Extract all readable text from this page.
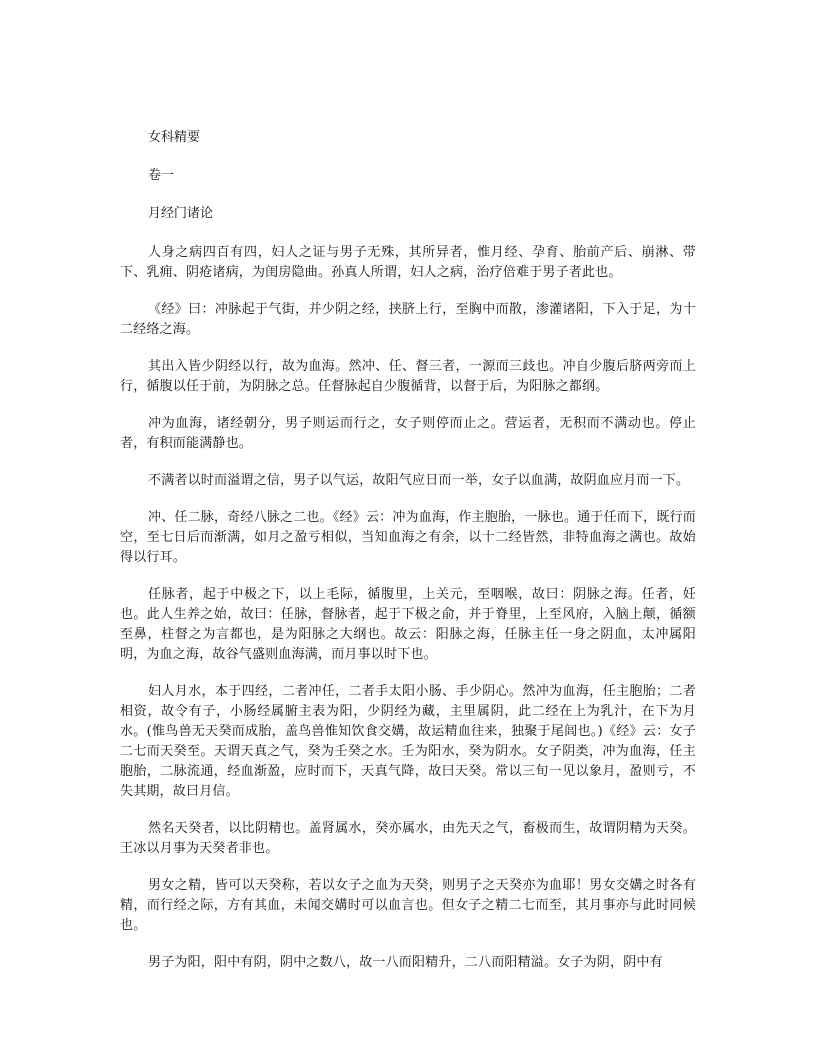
女科精要
卷一
月经门诸论

人身之病四百有四，妇人之证与男子无殊，其所异者，惟月经、孕育、胎前产后、崩淋、带下、乳痈、阴疮诸病，为闺房隐曲。孙真人所谓，妇人之病，治疗倍难于男子者此也。

《经》曰：冲脉起于气街，并少阴之经，挟脐上行，至胸中而散，渗灌诸阳，下入于足，为十二经络之海。

其出入皆少阴经以行，故为血海。然冲、任、督三者，一源而三歧也。冲自少腹后脐两旁而上行，循腹以任于前，为阴脉之总。任督脉起自少腹循背，以督于后，为阳脉之都纲。

冲为血海，诸经朝分，男子则运而行之，女子则停而止之。营运者，无积而不满动也。停止者，有积而能满静也。

不满者以时而溢谓之信，男子以气运，故阳气应日而一举，女子以血满，故阴血应月而一下。

冲、任二脉，奇经八脉之二也。《经》云：冲为血海，作主胞胎，一脉也。通于任而下，既行而空，至七日后而渐满，如月之盈亏相似，当知血海之有余，以十二经皆然，非特血海之满也。故始得以行耳。

任脉者，起于中极之下，以上毛际，循腹里，上关元，至咽喉，故曰：阴脉之海。任者，妊也。此人生养之始，故曰：任脉，督脉者，起于下极之俞，并于脊里，上至风府，入脑上颠，循额至鼻，柱督之为言都也，是为阳脉之大纲也。故云：阳脉之海，任脉主任一身之阴血，太冲属阳明，为血之海，故谷气盛则血海满，而月事以时下也。

妇人月水，本于四经，二者冲任，二者手太阳小肠、手少阴心。然冲为血海，任主胞胎；二者相资，故令有子，小肠经属腑主表为阳，少阴经为藏，主里属阴，此二经在上为乳汁，在下为月水。(惟鸟兽无天癸而成胎，盖鸟兽惟知饮食交媾，故运精血往来，独聚于尾闾也。)《经》云：女子二七而天癸至。天谓天真之气，癸为壬癸之水。壬为阳水，癸为阴水。女子阴类，冲为血海，任主胞胎，二脉流通，经血渐盈，应时而下，天真气降，故曰天癸。常以三旬一见以象月，盈则亏，不失其期，故曰月信。

然名天癸者，以比阴精也。盖肾属水，癸亦属水，由先天之气，畜极而生，故谓阴精为天癸。王冰以月事为天癸者非也。

男女之精，皆可以天癸称，若以女子之血为天癸，则男子之天癸亦为血耶！男女交媾之时各有精，而行经之际，方有其血，未闻交媾时可以血言也。但女子之精二七而至，其月事亦与此时同候也。

男子为阳，阳中有阴，阴中之数八，故一八而阳精升，二八而阳精溢。女子为阴，阴中有
